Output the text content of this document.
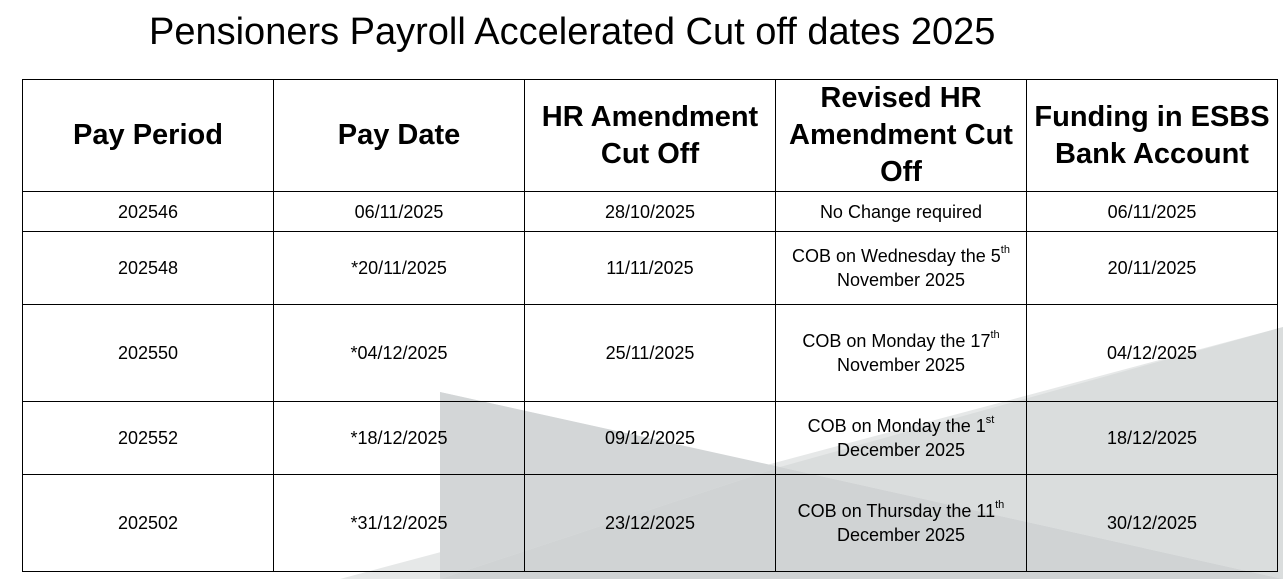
Pensioners Payroll Accelerated Cut off dates 2025
Pay Period	Pay Date	HR Amendment Cut Off	Revised HR Amendment Cut Off	Funding in ESBS Bank Account

202546	06/11/2025	28/10/2025	No Change required	06/11/2025

202548	*20/11/2025	11/11/2025	COB on Wednesday the 5th
November 2025	20/11/2025

202550	*04/12/2025	25/11/2025	COB on Monday the 17th
November 2025	04/12/2025

202552	*18/12/2025	09/12/2025	COB on Monday the 1st
December 2025	18/12/2025

202502	*31/12/2025	23/12/2025	COB on Thursday the 11th
December 2025	30/12/2025
